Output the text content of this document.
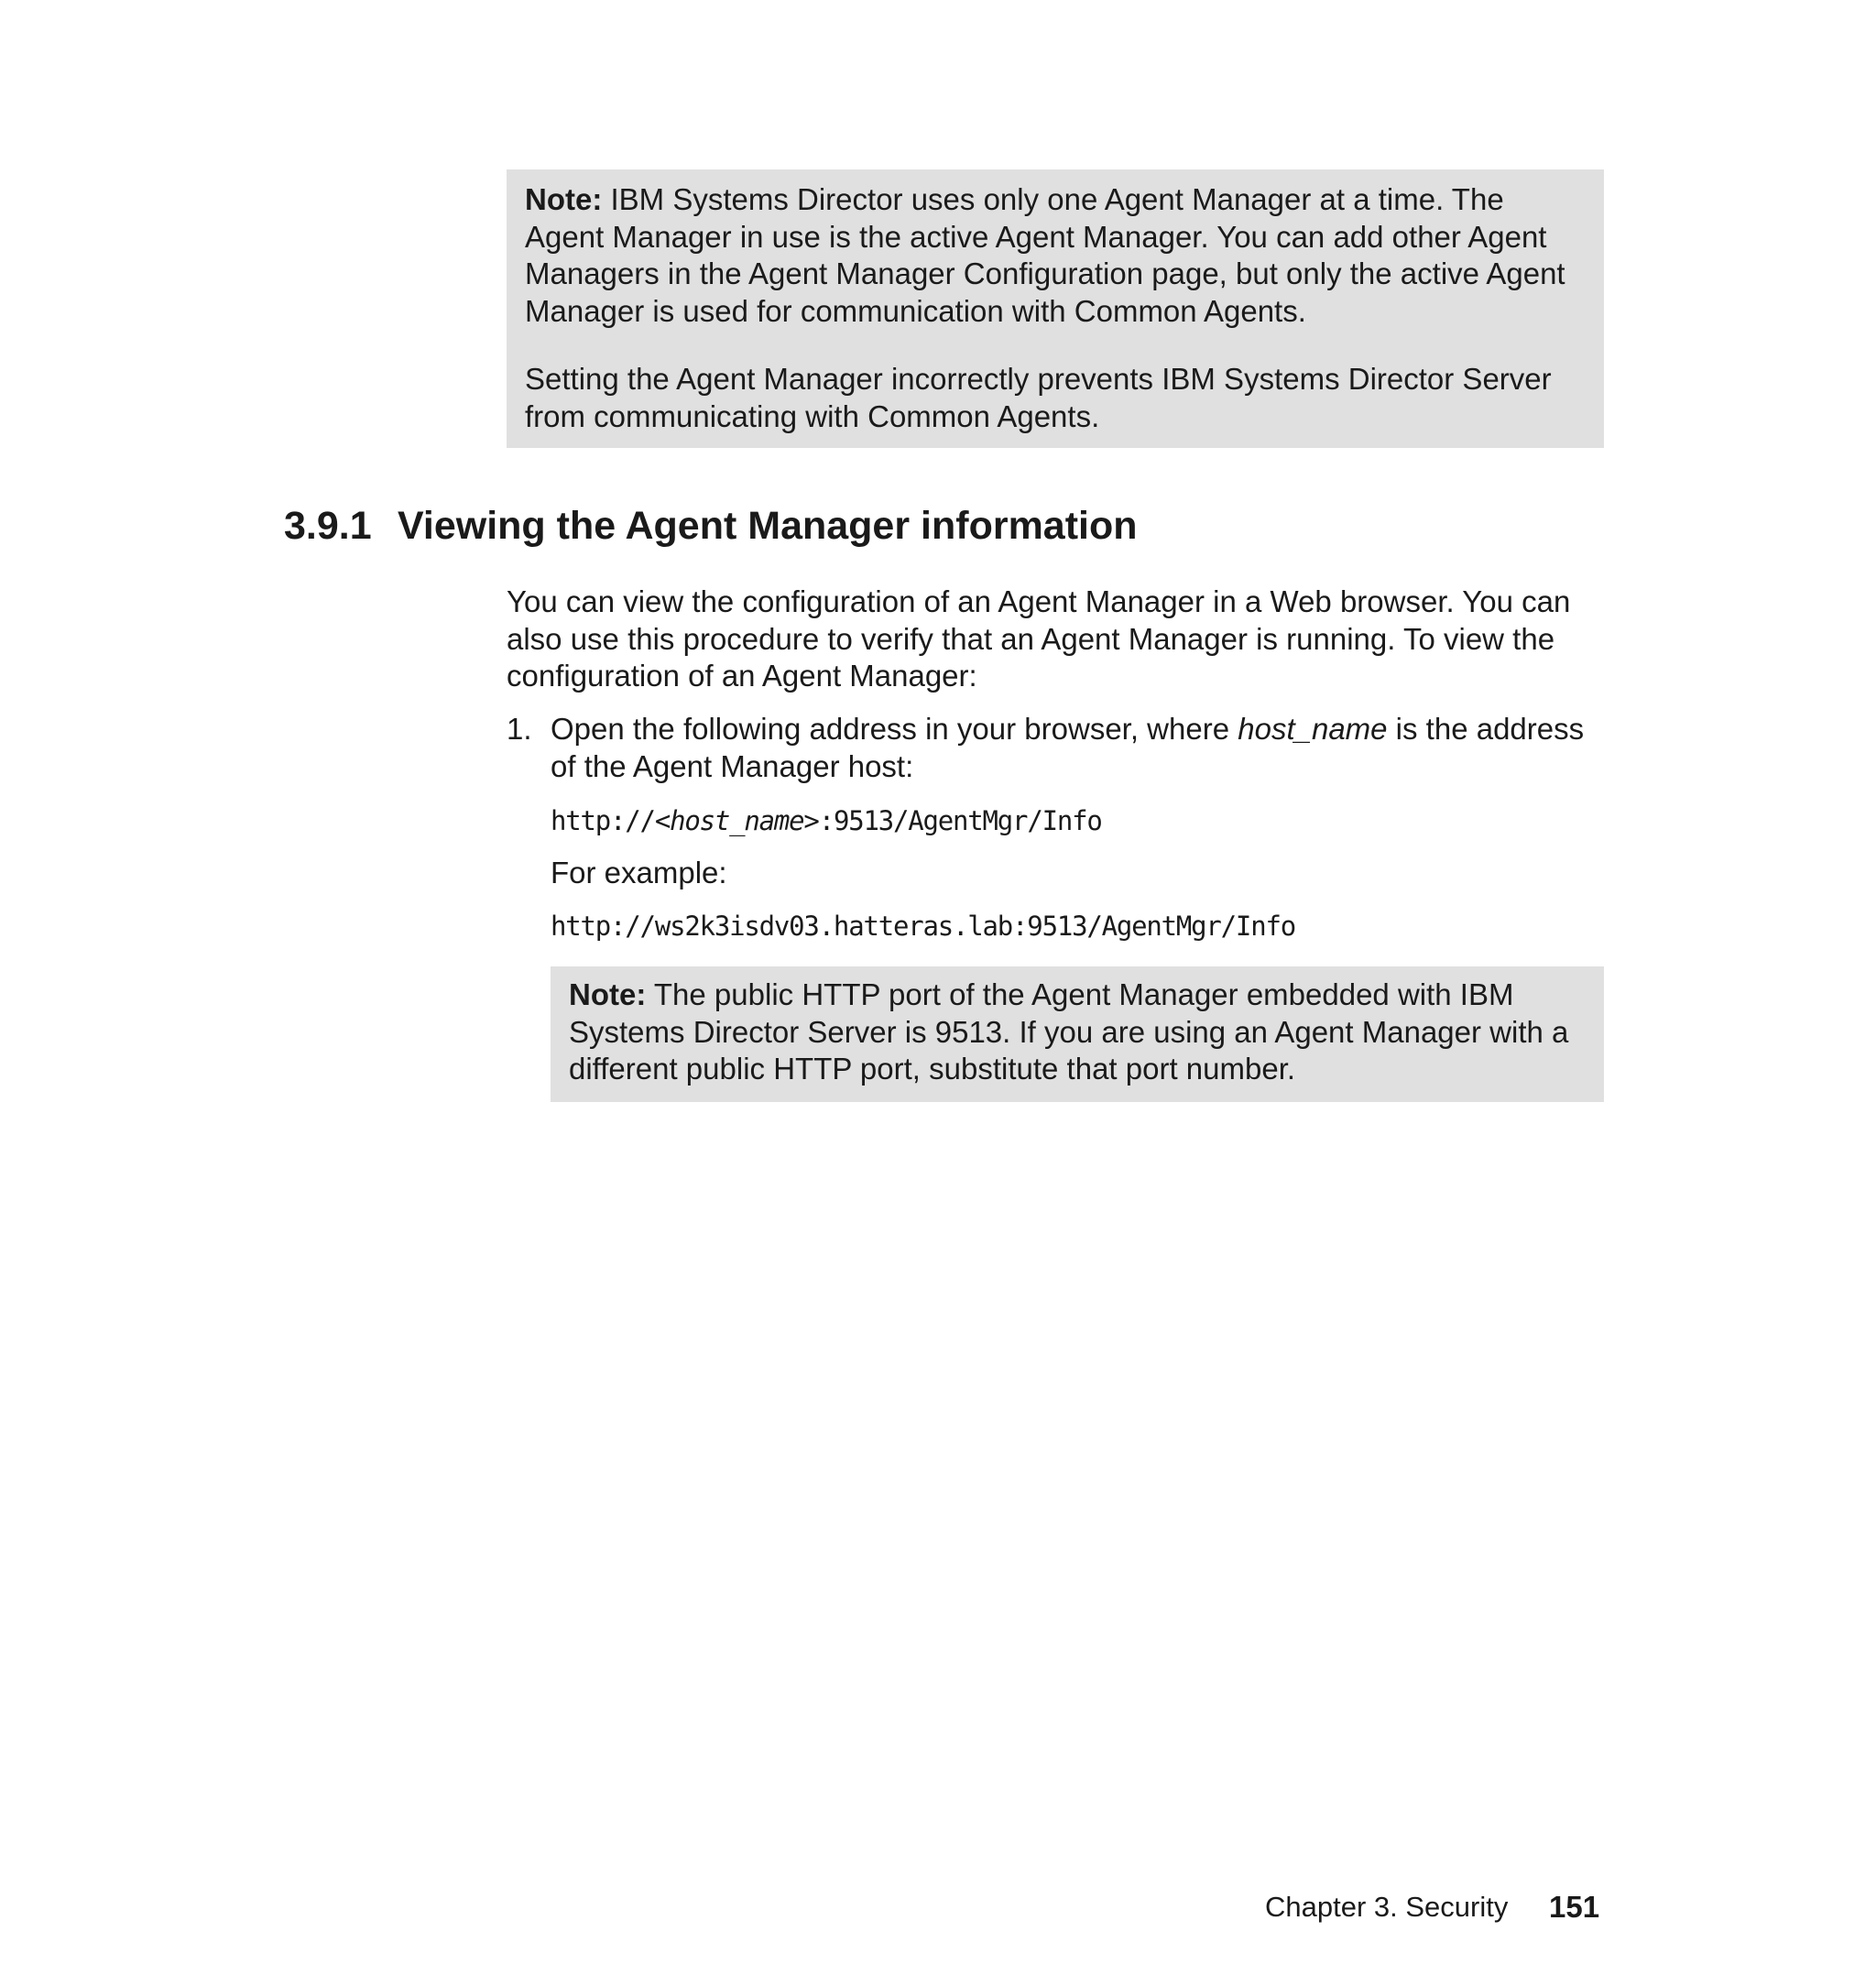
Note: IBM Systems Director uses only one Agent Manager at a time. The Agent Manager in use is the active Agent Manager. You can add other Agent Managers in the Agent Manager Configuration page, but only the active Agent Manager is used for communication with Common Agents.

Setting the Agent Manager incorrectly prevents IBM Systems Director Server from communicating with Common Agents.

3.9.1 Viewing the Agent Manager information

You can view the configuration of an Agent Manager in a Web browser. You can also use this procedure to verify that an Agent Manager is running. To view the configuration of an Agent Manager:

1. Open the following address in your browser, where host_name is the address of the Agent Manager host:

http://<host_name>:9513/AgentMgr/Info

For example:

http://ws2k3isdv03.hatteras.lab:9513/AgentMgr/Info

Note: The public HTTP port of the Agent Manager embedded with IBM Systems Director Server is 9513. If you are using an Agent Manager with a different public HTTP port, substitute that port number.

Chapter 3. Security 151
